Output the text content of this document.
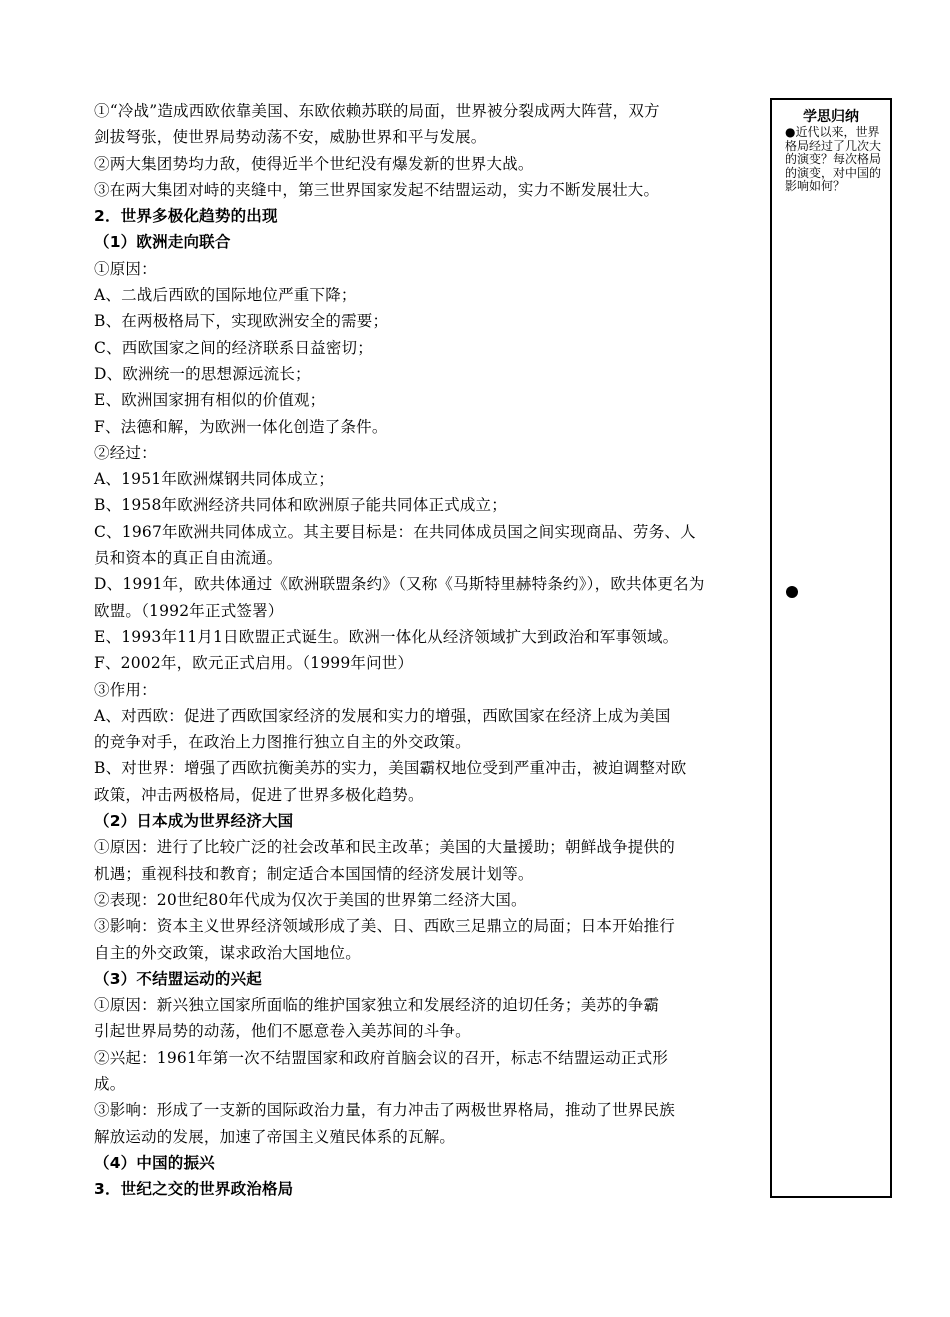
①“冷战”造成西欧依靠美国、东欧依赖苏联的局面，世界被分裂成两大阵营，双方
剑拔弩张，使世界局势动荡不安，威胁世界和平与发展。
②两大集团势均力敌，使得近半个世纪没有爆发新的世界大战。
③在两大集团对峙的夹缝中，第三世界国家发起不结盟运动，实力不断发展壮大。
2．世界多极化趋势的出现
（1）欧洲走向联合
①原因：
A、二战后西欧的国际地位严重下降；
B、在两极格局下，实现欧洲安全的需要；
C、西欧国家之间的经济联系日益密切；
D、欧洲统一的思想源远流长；
E、欧洲国家拥有相似的价值观；
F、法德和解，为欧洲一体化创造了条件。
②经过：
A、1951年欧洲煤钢共同体成立；
B、1958年欧洲经济共同体和欧洲原子能共同体正式成立；
C、1967年欧洲共同体成立。其主要目标是：在共同体成员国之间实现商品、劳务、人
员和资本的真正自由流通。
D、1991年，欧共体通过《欧洲联盟条约》（又称《马斯特里赫特条约》），欧共体更名为
欧盟。（1992年正式签署）
E、1993年11月1日欧盟正式诞生。欧洲一体化从经济领域扩大到政治和军事领域。
F、2002年，欧元正式启用。（1999年问世）
③作用：
A、对西欧：促进了西欧国家经济的发展和实力的增强，西欧国家在经济上成为美国
的竞争对手，在政治上力图推行独立自主的外交政策。
B、对世界：增强了西欧抗衡美苏的实力，美国霸权地位受到严重冲击，被迫调整对欧
政策，冲击两极格局，促进了世界多极化趋势。
（2）日本成为世界经济大国
①原因：进行了比较广泛的社会改革和民主改革；美国的大量援助；朝鲜战争提供的
机遇；重视科技和教育；制定适合本国国情的经济发展计划等。
②表现：20世纪80年代成为仅次于美国的世界第二经济大国。
③影响：资本主义世界经济领域形成了美、日、西欧三足鼎立的局面；日本开始推行
自主的外交政策，谋求政治大国地位。
（3）不结盟运动的兴起
①原因：新兴独立国家所面临的维护国家独立和发展经济的迫切任务；美苏的争霸
引起世界局势的动荡，他们不愿意卷入美苏间的斗争。
②兴起：1961年第一次不结盟国家和政府首脑会议的召开，标志不结盟运动正式形
成。
③影响：形成了一支新的国际政治力量，有力冲击了两极世界格局，推动了世界民族
解放运动的发展，加速了帝国主义殖民体系的瓦解。
（4）中国的振兴
3．世纪之交的世界政治格局
学思归纳
●近代以来，世界格局经过了几次大的演变？每次格局的演变，对中国的影响如何？
